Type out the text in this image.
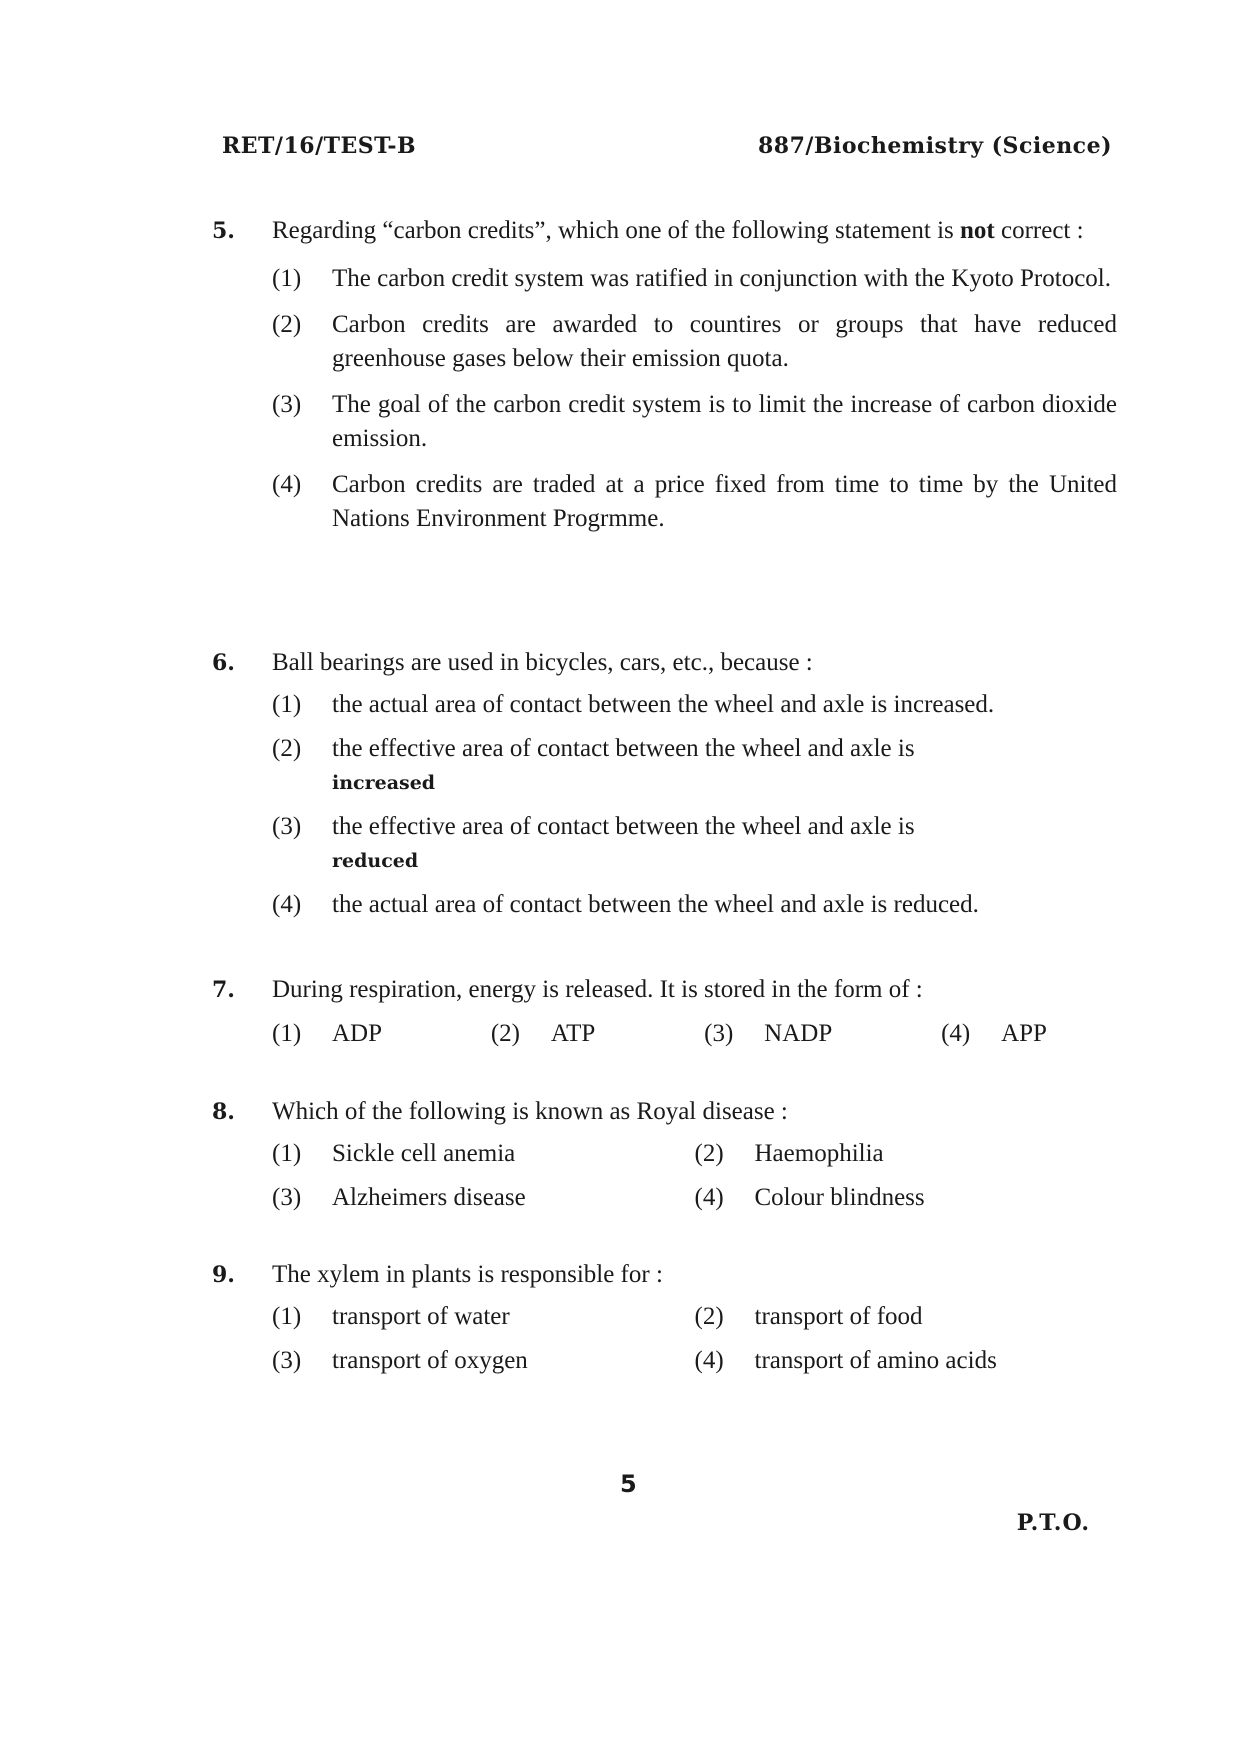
RET/16/TEST-B	887/Biochemistry (Science)
5.	Regarding “carbon credits”, which one of the following statement is not correct :
(1)	The carbon credit system was ratified in conjunction with the Kyoto Protocol.
(2)	Carbon credits are awarded to countires or groups that have reduced greenhouse gases below their emission quota.
(3)	The goal of the carbon credit system is to limit the increase of carbon dioxide emission.
(4)	Carbon credits are traded at a price fixed from time to time by the United Nations Environment Progrmme.
6.	Ball bearings are used in bicycles, cars, etc., because :
(1)	the actual area of contact between the wheel and axle is increased.
(2)	the effective area of contact between the wheel and axle is
increased
(3)	the effective area of contact between the wheel and axle is
reduced
(4)	the actual area of contact between the wheel and axle is reduced.
7.	During respiration, energy is released. It is stored in the form of :
(1)	ADP	(2)	ATP	(3)	NADP	(4)	APP
8.	Which of the following is known as Royal disease :
(1)	Sickle cell anemia	(2)	Haemophilia
(3)	Alzheimers disease	(4)	Colour blindness
9.	The xylem in plants is responsible for :
(1)	transport of water	(2)	transport of food
(3)	transport of oxygen	(4)	transport of amino acids
5
P.T.O.
